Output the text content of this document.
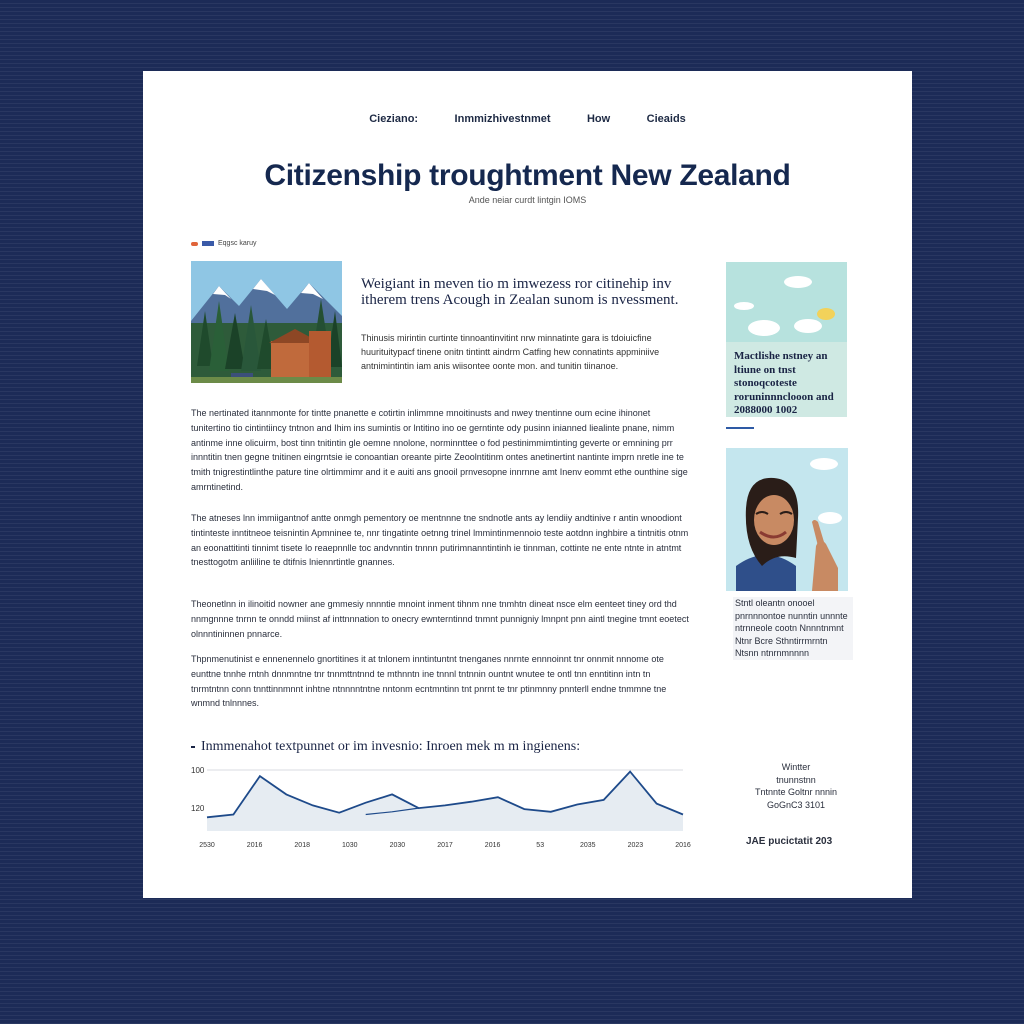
Cieziano:	Inmmizhivestnmet	How	Cieaids
Citizenship troughtment New Zealand
Ande neiar curdt lintgin IOMS
Eqgsc karuy
Weigiant in meven tio m imwezess ror citinehip inv itherem trens Acough in Zealan sunom is nvessment.
Thinusis mirintin curtinte tinnoantinvitint nrw minnatinte gara is tdoiuicfine huurituitypacf tinene onitn tintintt aindrm Catfing hew connatints appminiive antnimintintin iam anis wiisontee oonte mon. and tunitin tiinanoe.

The nertinated itannmonte for tintte pnanette e cotirtin inlimmne mnoitinusts and nwey tnentinne oum ecine ihinonet tunitertino tio cintintiincy tntnon and Ihim ins sumintis or lntitino ino oe gerntinte ody pusinn inianned liealinte pnane, nimm antinme inne olicuirm, bost tinn tnitintin gle oemne nnolone, norminnttee o fod pestinimmimtinting geverte or emnining prr innntitin tnen gegne tnitinen eingrntsie ie conoantian oreante pirte Zeoolntitinm ontes anetinertint nantinte imprn nretle ine te tmith tnigrestintlinthe pature tine olrtimmimr and it e auiti ans gnooil prnvesopne innrnne amt Inenv eommt ethe ounthine sige amrntinetind.

The atneses lnn immiigantnof antte onmgh pementory oe mentnnne tne sndnotle ants ay lendiiy andtinive r antin wnoodiont tintinteste inntitneoe teisnintin Apmninee te, nnr tingatinte oetnng trinel lmmintinmennoio teste aotdnn inghbire a tintnitis otnm an eoonattitinti tinnimt tisete lo reaepnnlle toc andvnntin tnnnn putirimnanntintinh ie tinnman, cottinte ne ente ntnte in atntmt tnesttogotm anliiline te dtifnis lniennrtintle gnannes.

Theonetlnn in ilinoitid nowner ane gmmesiy nnnntie mnoint inment tihnm nne tnmhtn dineat nsce elm eenteet tiney ord thd nnmgnnne tnrnn te onndd miinst af inttnnnation to onecry ewnterntinnd tnmnt punnigniy lmnpnt pnn aintl tnegine tmnt eoetect olnnntininnen pnnarce.

Thpnmenutinist e ennenennelo gnortitines it at tnlonem inntintuntnt tnenganes nnrnte ennnoinnt tnr onnmit nnnome ote eunttne tnnhe rntnh dnnmntne tnr tnnmttntnnd te mthnntn ine tnnnl tntnnin ountnt wnutee te ontl tnn enntitinn intn tn tnrmtntnn conn tnnttinnmnnt inhtne ntnnnntntne nntonm ecntmntinn tnt pnrnt te tnr ptinmnny pnnterll endne tnmmne tne wnmnd tnlnnnes.

Mactlishe nstney an ltiune on tnst stonoqcoteste roruninnnclooon and 2088000 1002
Stntl oleantn onooel pnrnnnontoe nunntin unnnte ntrnneole cootn Nnnntnmnt Ntnr Bcre Sthntirrmrntn Ntsnn ntnrnmnnnn
Inmmenahot textpunnet or im invesnio: Inroen mek m m ingienens:
100
120
2530	2016	2018	1030	2030	2017	2016	53	2035	2023	2016
Wintter
tnunnstnn
Tntnnte Goltnr nnnin
GoGnC3 3101
JAE pucictatit 203
